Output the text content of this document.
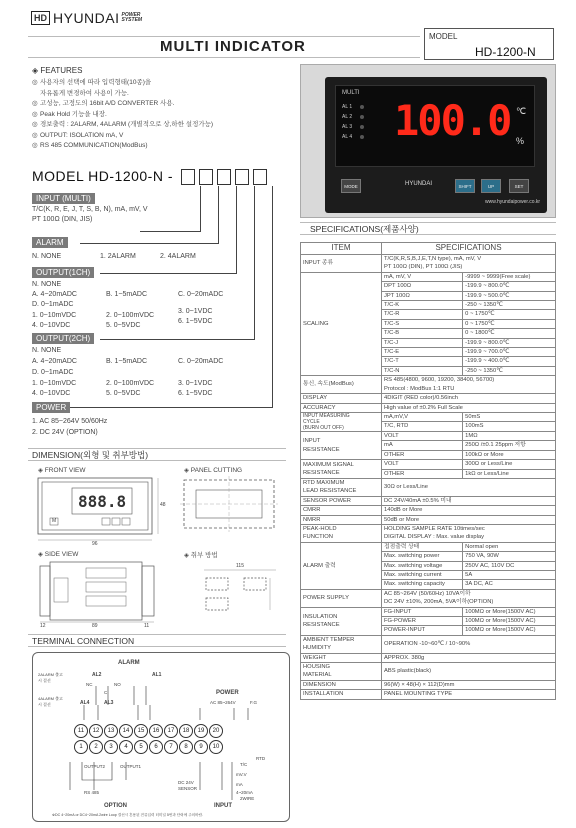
HD HYUNDAI POWER
SYSTEM
MULTI INDICATOR
MODEL
HD-1200-N
◈ FEATURES
◎ 사용자의 선택에 따라 입력형태(10종)을
자유롭게 변경하여 사용이 가능.
◎ 고성능, 고정도의 16bit A/D CONVERTER 사용.
◎ Peak Hold 기능을 내장.
◎ 경보출력 : 2ALARM, 4ALARM (개별적으로 상,하한 설정가능)
◎ OUTPUT: ISOLATION mA, V
◎ RS 485 COMMUNICATION(ModBus)
MODEL HD-1200-N -
INPUT (MULTI)
T/C(K, R, E, J, T, S, B, N), mA, mV, V
PT 100Ω (DIN, JIS)
ALARM
N. NONE	1. 2ALARM	2. 4ALARM
OUTPUT(1CH)
N. NONE
A. 4~20mADC	B. 1~5mADC	C. 0~20mADC
D. 0~1mADC
1. 0~10mVDC	2. 0~100mVDC
3. 0~1VDC
4. 0~10VDC	5. 0~5VDC
6. 1~5VDC
OUTPUT(2CH)
N. NONE
A. 4~20mADC	B. 1~5mADC	C. 0~20mADC
D. 0~1mADC
1. 0~10mVDC	2. 0~100mVDC	3. 0~1VDC
4. 0~10VDC	5. 0~5VDC	6. 1~5VDC
POWER
1. AC 85~264V 50/60Hz
2. DC 24V (OPTION)
DIMENSION(외형 및 취부방법)
◈ FRONT VIEW	◈ PANEL CUTTING
◈ SIDE VIEW	◈ 취부 방법
888.8
M
96
48
12	89	11
115
TERMINAL CONNECTION
ALARM
2ALARM 출고시 결선
4ALARM 출고시 결선
AL2	AL1
AL4	AL3
NC	NO
C	POWER
AC 85~264V	F.G
11	12	13	14	15	16	17	18	19	20
1	2	3	4	5	6	7	8	9	10
OUTPUT2	OUTPUT1
RS 485
OPTION
DC 24V
SENSOR
RTD
T/C
mV.V
mA
4~20mA
2WIRE
INPUT
※DC 4~20mA or DC4~20mA 2wire Loop 결선시 흔용된 전류입력 터미널 5번과 단락에 주의바람.
MULTI
AL 1
AL 2
AL 3
AL 4 100.0 ℃
%
MODE	HYUNDAI	SHIFT	UP	SET
www.hyundaipower.co.kr
SPECIFICATIONS(제품사양)
ITEM	SPECIFICATIONS	
INPUT 종류	T/C(K,R,S,B,J,E,T,N type), mA, mV, V
PT 100Ω (DIN), PT 100Ω (JIS)	
SCALING	mA, mV, V	-9999 ~ 9999(Free scale)
	DPT 100Ω	-199.9 ~ 800.0℃
	JPT 100Ω	-199.9 ~ 500.0℃
	T/C-K	-250 ~ 1350℃
	T/C-R	0 ~ 1750℃
	T/C-S	0 ~ 1750℃
	T/C-B	0 ~ 1800℃
	T/C-J	-199.9 ~ 800.0℃
	T/C-E	-199.9 ~ 700.0℃
	T/C-T	-199.9 ~ 400.0℃
	T/C-N	-250 ~ 1350℃
통신, 속도(ModBus)	RS 485(4800, 9600, 19200, 38400, 56700)
Protocol : ModBus 1:1 RTU	
DISPLAY	4DIGIT (RED color)/0.56inch	
ACCURACY	High value of ±0.2% Full Scale	
INPUT MEASURING
CYCLE
(BURN OUT OFF)	mA,mV,V	50mS
	T/C, RTD	100mS
INPUT
RESISTANCE	VOLT	1MΩ
	mA	250Ω /±0.1 25ppm 저항
	OTHER	100kΩ or More
MAXIMUM SIGNAL
RESISTANCE	VOLT	300Ω or Less/Line
	OTHER	1kΩ or Less/Line
RTD MAXIMUM
LEAD RESISTANCE	30Ω or Less/Line	
SENSOR POWER	DC 24V/40mA ±0.5% 미내	
CMRR	140dB or More	
NMRR	50dB or More	
PEAK-HOLD
FUNCTION	HOLDING SAMPLE RATE 10times/sec
DIGITAL DISPLAY : Max. value display	
ALARM 출력	접점출력 상태	Normal open
	Max. switching power	750 VA, 90W
	Max. switching voltage	250V AC, 110V DC
	Max. switching current	5A
	Max. switching capacity	3A DC, AC
POWER SUPPLY	AC 85~264V (50/60Hz) 10VA이하
DC 24V ±10%, 200mA, 5VA이하(OPTION)	
INSULATION
RESISTANCE	FG-INPUT	100MΩ or More(1500V AC)
	FG-POWER	100MΩ or More(1500V AC)
	POWER-INPUT	100MΩ or More(1500V AC)
AMBIENT TEMPER
HUMIDITY	OPERATION -10~60℃ / 10~90%	
WEIGHT	APPROX. 380g	
HOUSING
MATERIAL	ABS plastic(black)	
DIMENSION	96(W) × 48(H) × 112(D)mm	
INSTALLATION	PANEL MOUNTING TYPE	
